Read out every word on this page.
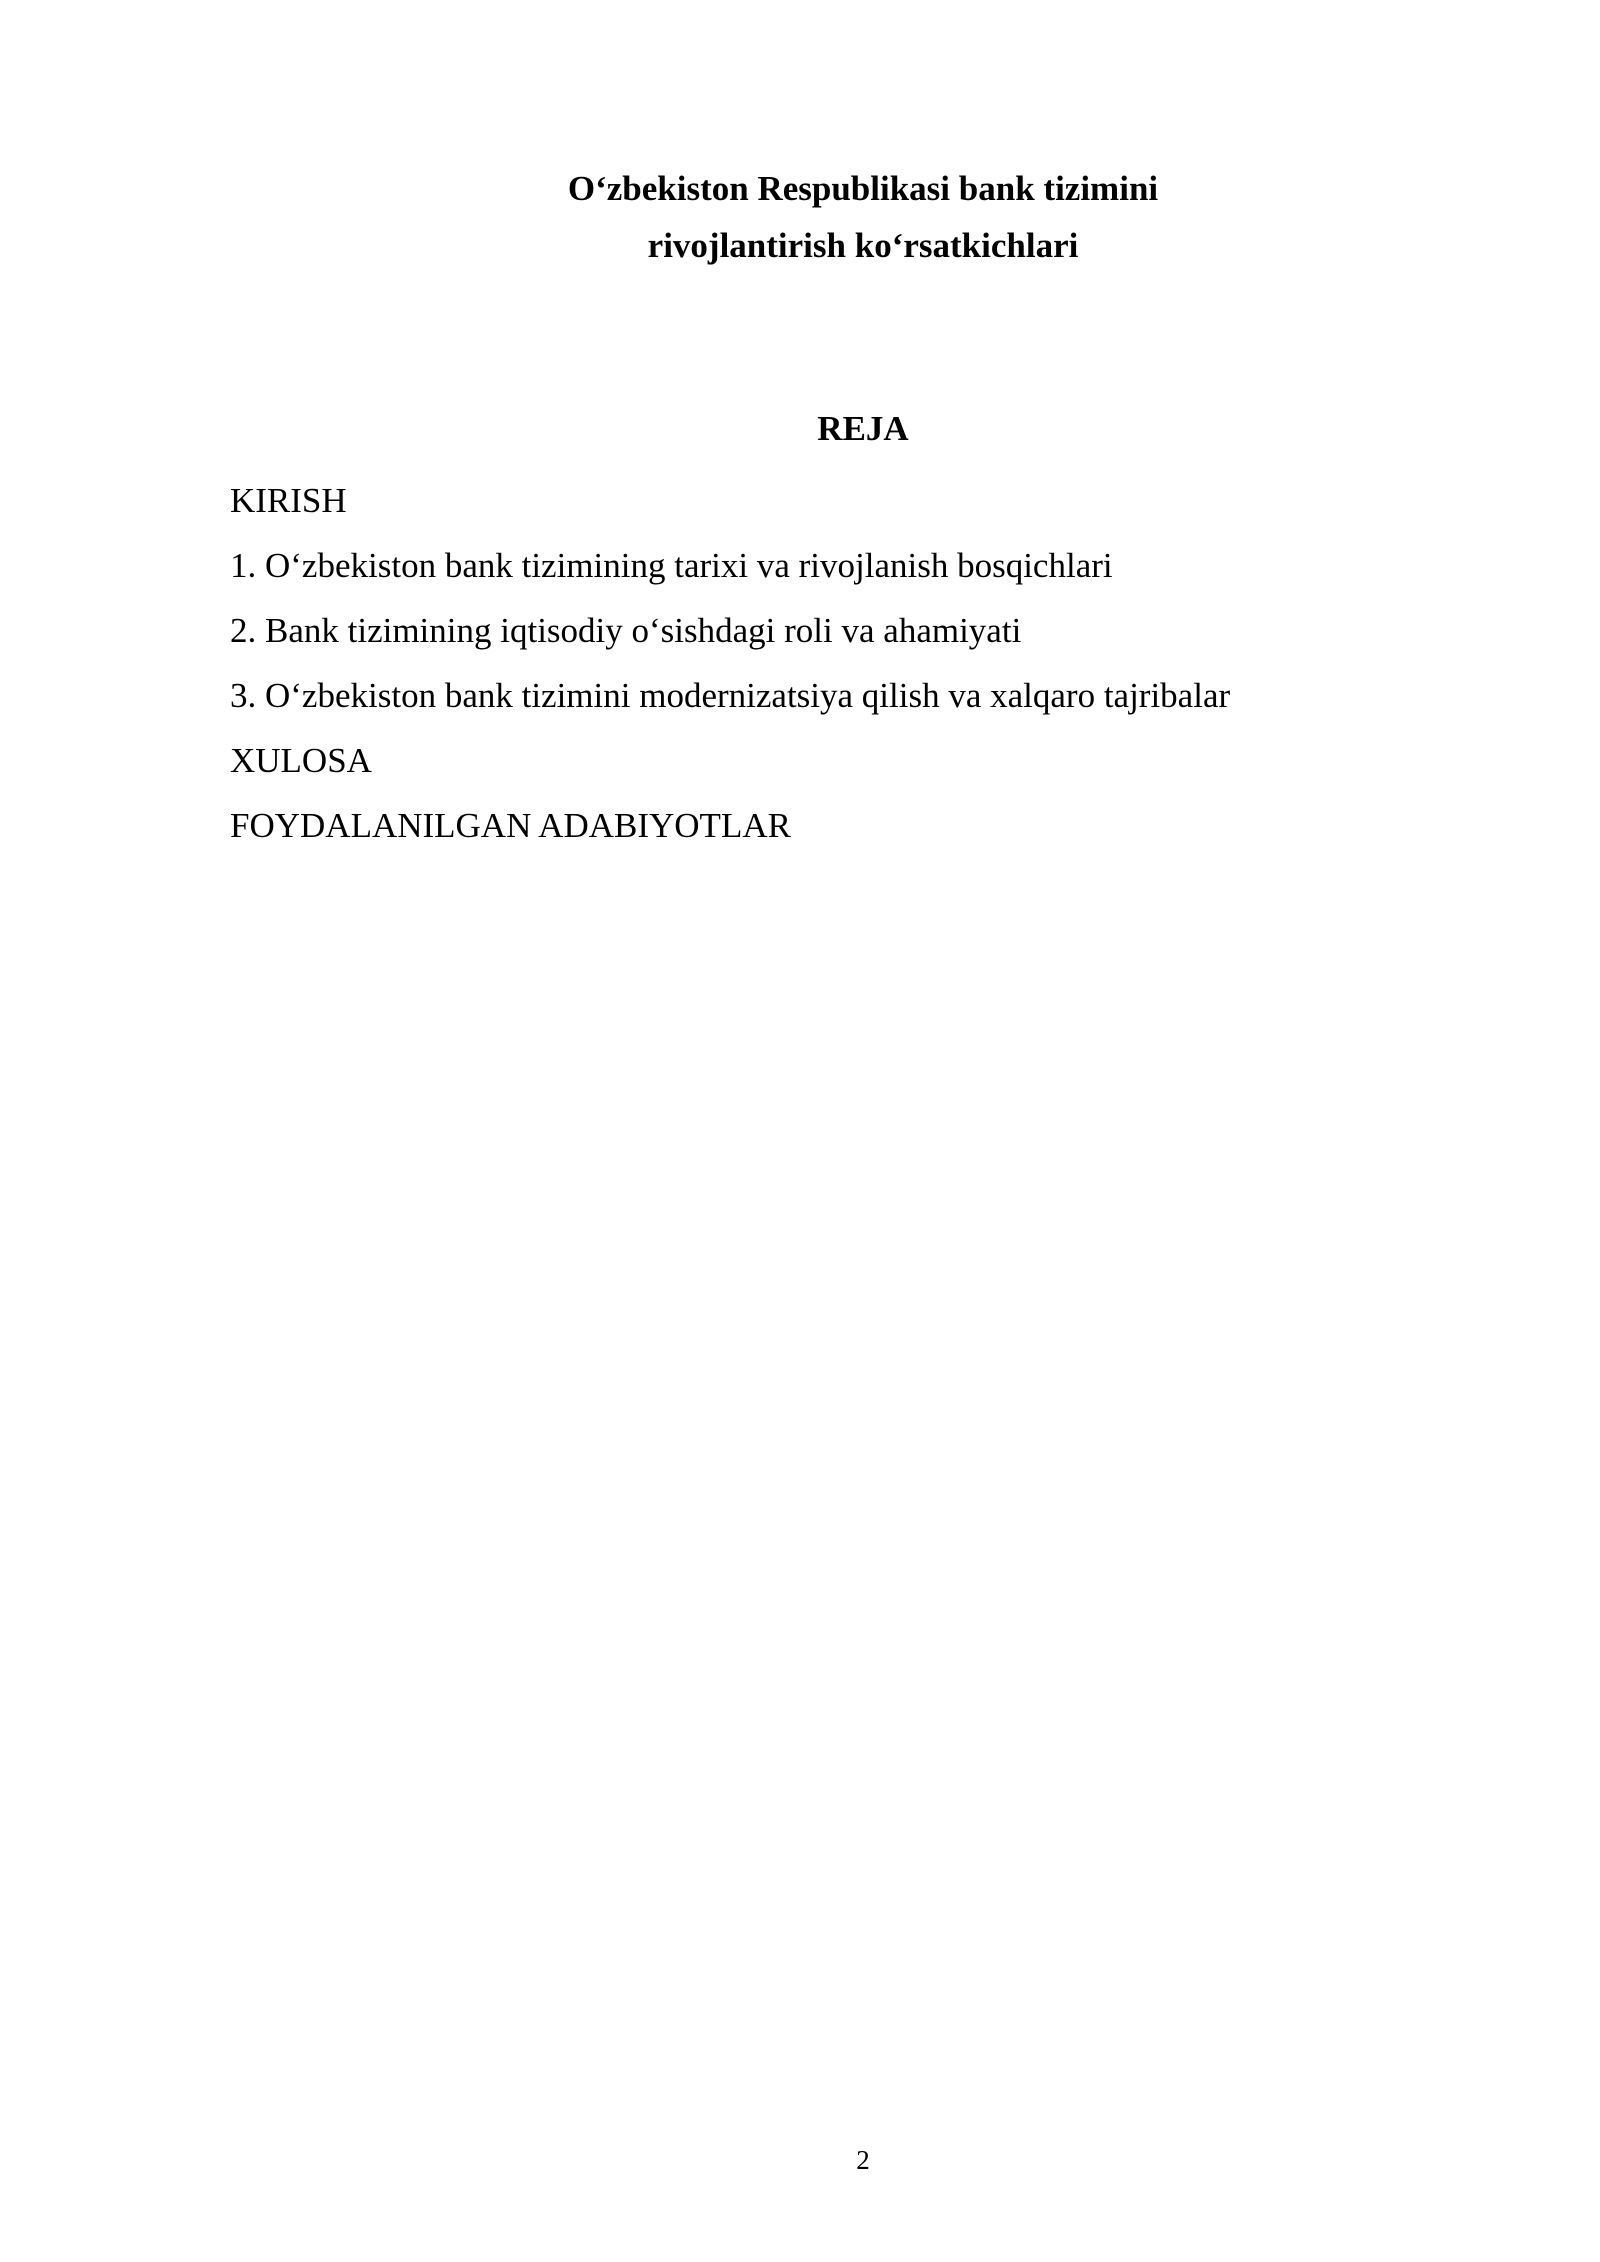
O‘zbekiston Respublikasi bank tizimini
rivojlantirish ko‘rsatkichlari
REJA
KIRISH
1. O‘zbekiston bank tizimining tarixi va rivojlanish bosqichlari
2. Bank tizimining iqtisodiy o‘sishdagi roli va ahamiyati
3. O‘zbekiston bank tizimini modernizatsiya qilish va xalqaro tajribalar
XULOSA
FOYDALANILGAN ADABIYOTLAR
2
